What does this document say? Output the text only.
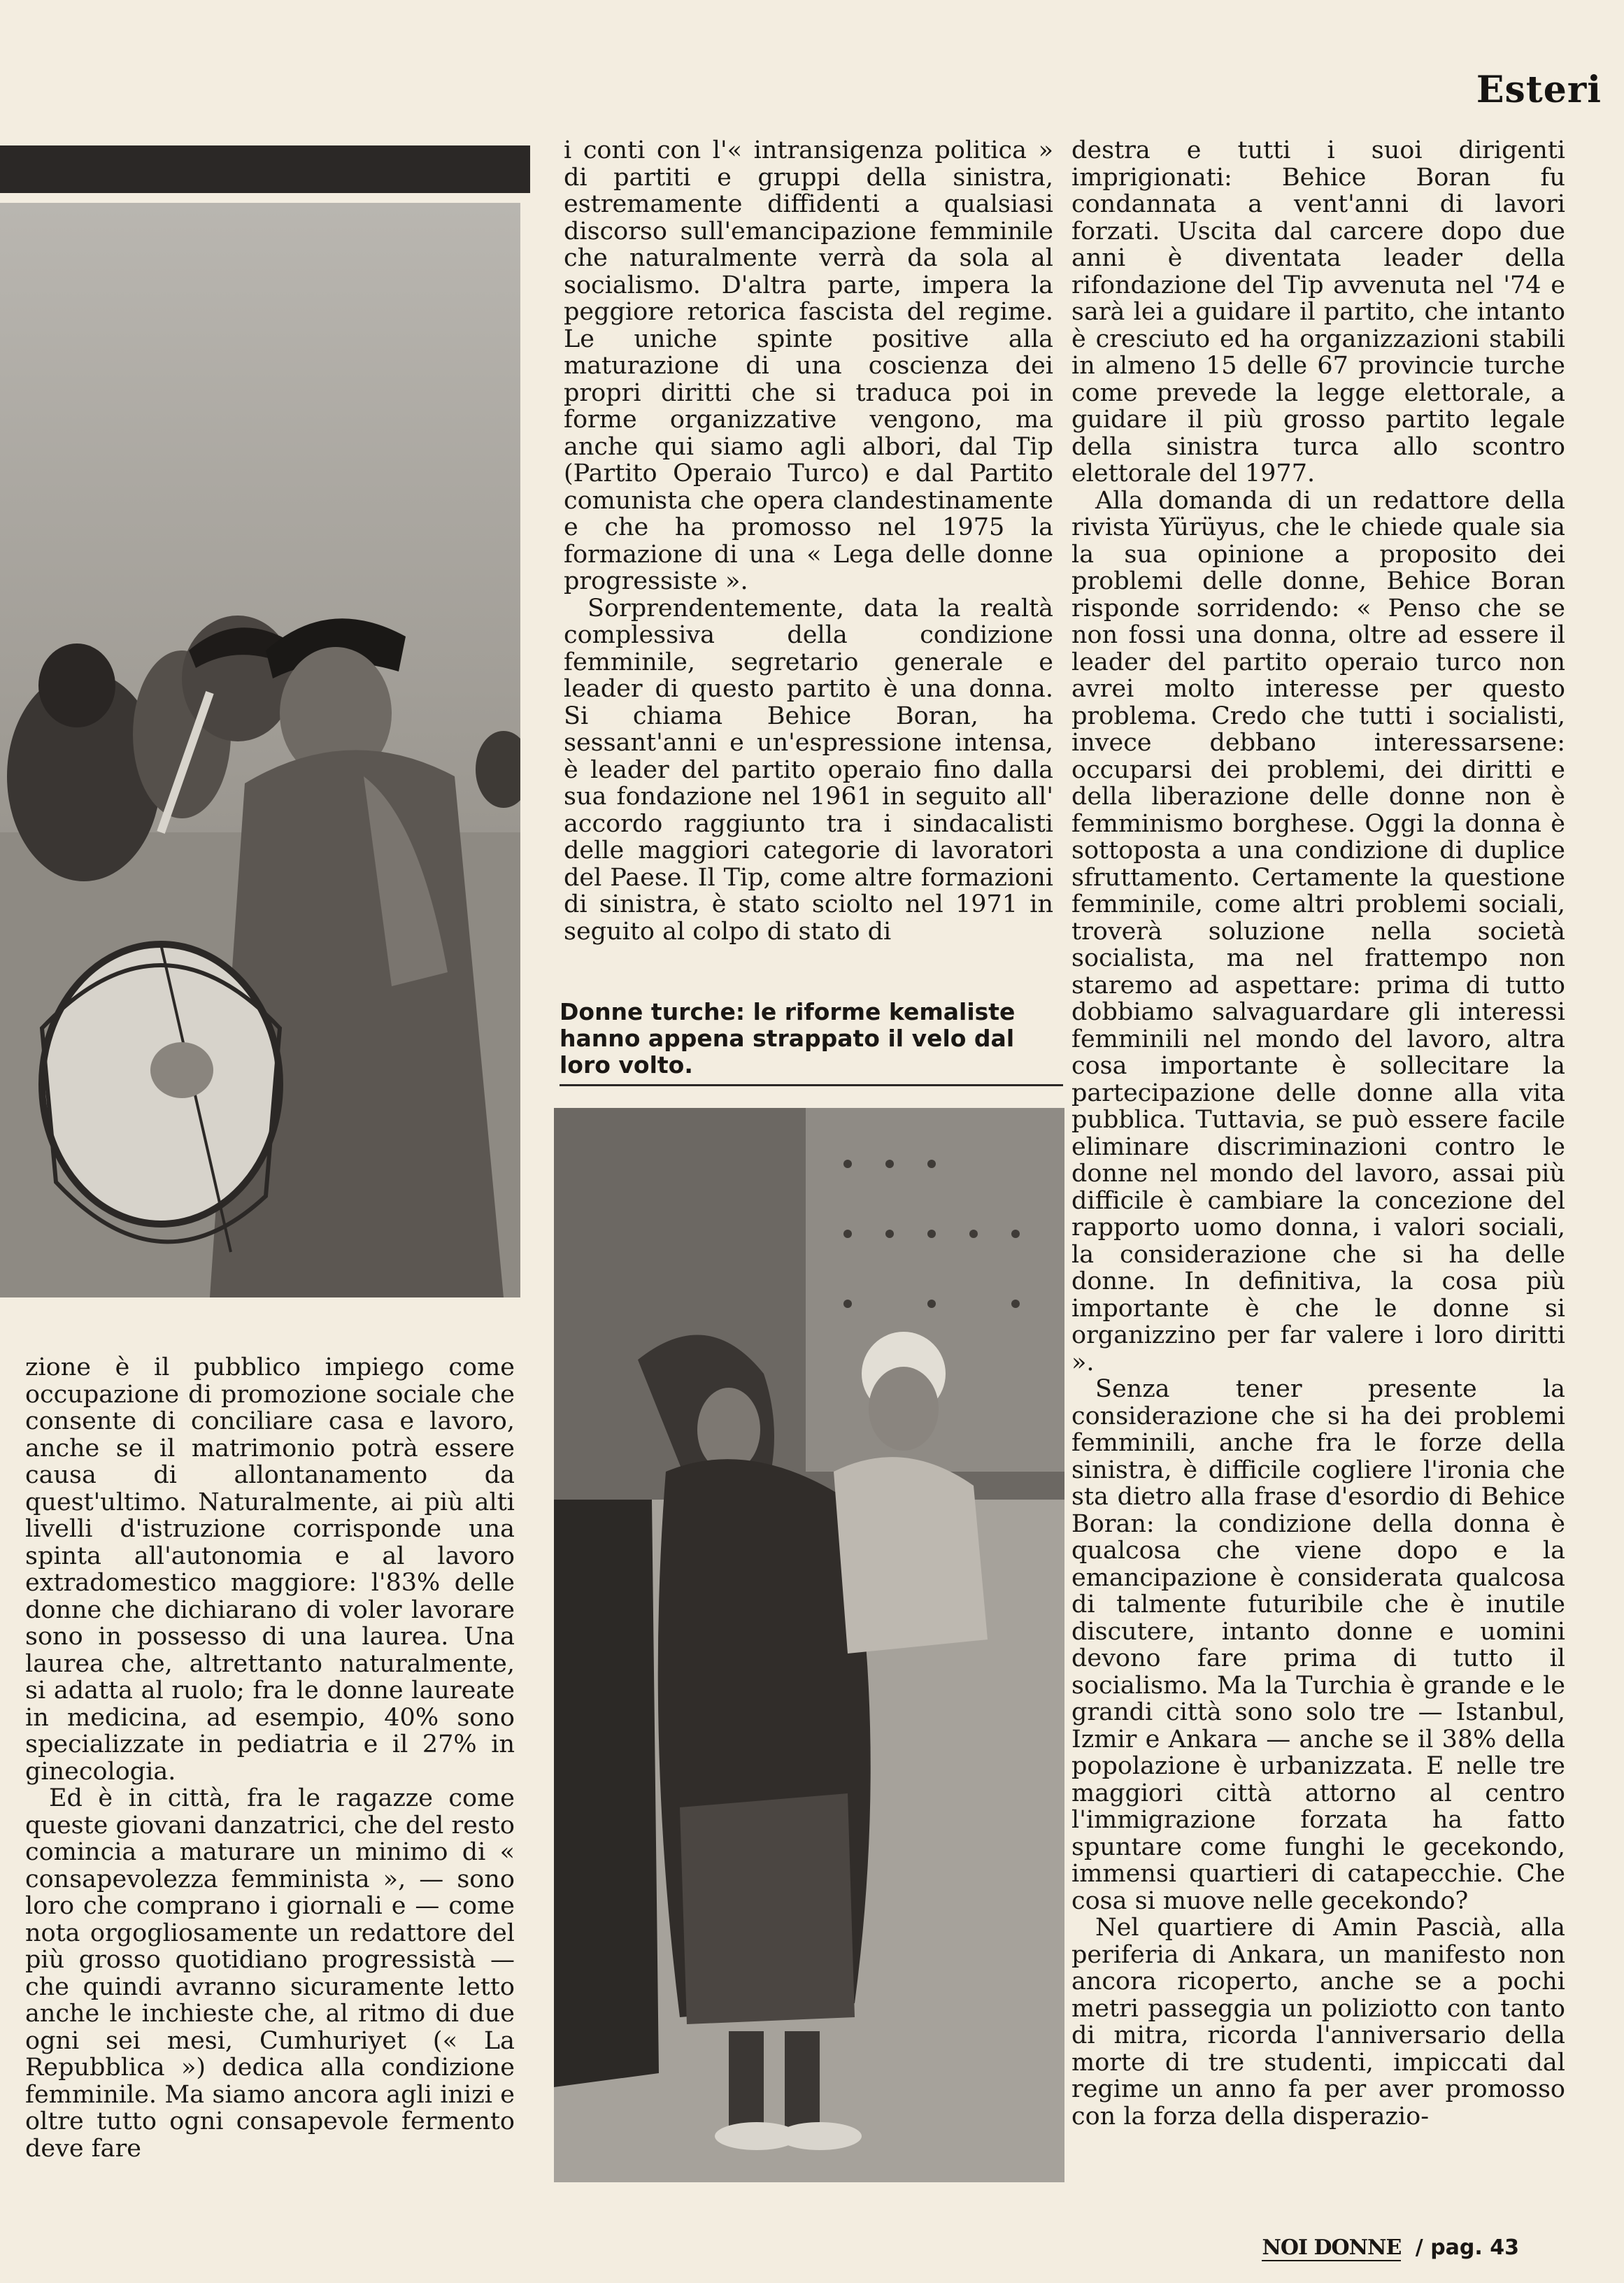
Esteri

i conti con l'« intransigenza politica » di partiti e gruppi della sinistra, estremamente diffidenti a qualsiasi discorso sull'emancipazione femminile che naturalmente verrà da sola al socialismo. D'altra parte, impera la peggiore retorica fascista del regime. Le uniche spinte positive alla maturazione di una coscienza dei propri diritti che si traduca poi in forme organizzative vengono, ma anche qui siamo agli albori, dal Tip (Partito Operaio Turco) e dal Partito comunista che opera clandestinamente e che ha promosso nel 1975 la formazione di una « Lega delle donne progressiste ».

Sorprendentemente, data la realtà complessiva della condizione femminile, segretario generale e leader di questo partito è una donna. Si chiama Behice Boran, ha sessant'anni e un'espressione intensa, è leader del partito operaio fino dalla sua fondazione nel 1961 in seguito all' accordo raggiunto tra i sindacalisti delle maggiori categorie di lavoratori del Paese. Il Tip, come altre formazioni di sinistra, è stato sciolto nel 1971 in seguito al colpo di stato di

Donne turche: le riforme kemaliste hanno appena strappato il velo dal loro volto.

zione è il pubblico impiego come occupazione di promozione sociale che consente di conciliare casa e lavoro, anche se il matrimonio potrà essere causa di allontanamento da quest'ultimo. Naturalmente, ai più alti livelli d'istruzione corrisponde una spinta all'autonomia e al lavoro extradomestico maggiore: l'83% delle donne che dichiarano di voler lavorare sono in possesso di una laurea. Una laurea che, altrettanto naturalmente, si adatta al ruolo; fra le donne laureate in medicina, ad esempio, 40% sono specializzate in pediatria e il 27% in ginecologia.

Ed è in città, fra le ragazze come queste giovani danzatrici, che del resto comincia a maturare un minimo di « consapevolezza femminista », — sono loro che comprano i giornali e — come nota orgogliosamente un redattore del più grosso quotidiano progressistà — che quindi avranno sicuramente letto anche le inchieste che, al ritmo di due ogni sei mesi, Cumhuriyet (« La Repubblica ») dedica alla condizione femminile. Ma siamo ancora agli inizi e oltre tutto ogni consapevole fermento deve fare

destra e tutti i suoi dirigenti imprigionati: Behice Boran fu condannata a vent'anni di lavori forzati. Uscita dal carcere dopo due anni è diventata leader della rifondazione del Tip avvenuta nel '74 e sarà lei a guidare il partito, che intanto è cresciuto ed ha organizzazioni stabili in almeno 15 delle 67 provincie turche come prevede la legge elettorale, a guidare il più grosso partito legale della sinistra turca allo scontro elettorale del 1977.

Alla domanda di un redattore della rivista Yürüyus, che le chiede quale sia la sua opinione a proposito dei problemi delle donne, Behice Boran risponde sorridendo: « Penso che se non fossi una donna, oltre ad essere il leader del partito operaio turco non avrei molto interesse per questo problema. Credo che tutti i socialisti, invece debbano interessarsene: occuparsi dei problemi, dei diritti e della liberazione delle donne non è femminismo borghese. Oggi la donna è sottoposta a una condizione di duplice sfruttamento. Certamente la questione femminile, come altri problemi sociali, troverà soluzione nella società socialista, ma nel frattempo non staremo ad aspettare: prima di tutto dobbiamo salvaguardare gli interessi femminili nel mondo del lavoro, altra cosa importante è sollecitare la partecipazione delle donne alla vita pubblica. Tuttavia, se può essere facile eliminare discriminazioni contro le donne nel mondo del lavoro, assai più difficile è cambiare la concezione del rapporto uomo donna, i valori sociali, la considerazione che si ha delle donne. In definitiva, la cosa più importante è che le donne si organizzino per far valere i loro diritti ».

Senza tener presente la considerazione che si ha dei problemi femminili, anche fra le forze della sinistra, è difficile cogliere l'ironia che sta dietro alla frase d'esordio di Behice Boran: la condizione della donna è qualcosa che viene dopo e la emancipazione è considerata qualcosa di talmente futuribile che è inutile discutere, intanto donne e uomini devono fare prima di tutto il socialismo. Ma la Turchia è grande e le grandi città sono solo tre — Istanbul, Izmir e Ankara — anche se il 38% della popolazione è urbanizzata. E nelle tre maggiori città attorno al centro l'immigrazione forzata ha fatto spuntare come funghi le gecekondo, immensi quartieri di catapecchie. Che cosa si muove nelle gecekondo?

Nel quartiere di Amin Pascià, alla periferia di Ankara, un manifesto non ancora ricoperto, anche se a pochi metri passeggia un poliziotto con tanto di mitra, ricorda l'anniversario della morte di tre studenti, impiccati dal regime un anno fa per aver promosso con la forza della disperazio-

NOI DONNE / pag. 43
